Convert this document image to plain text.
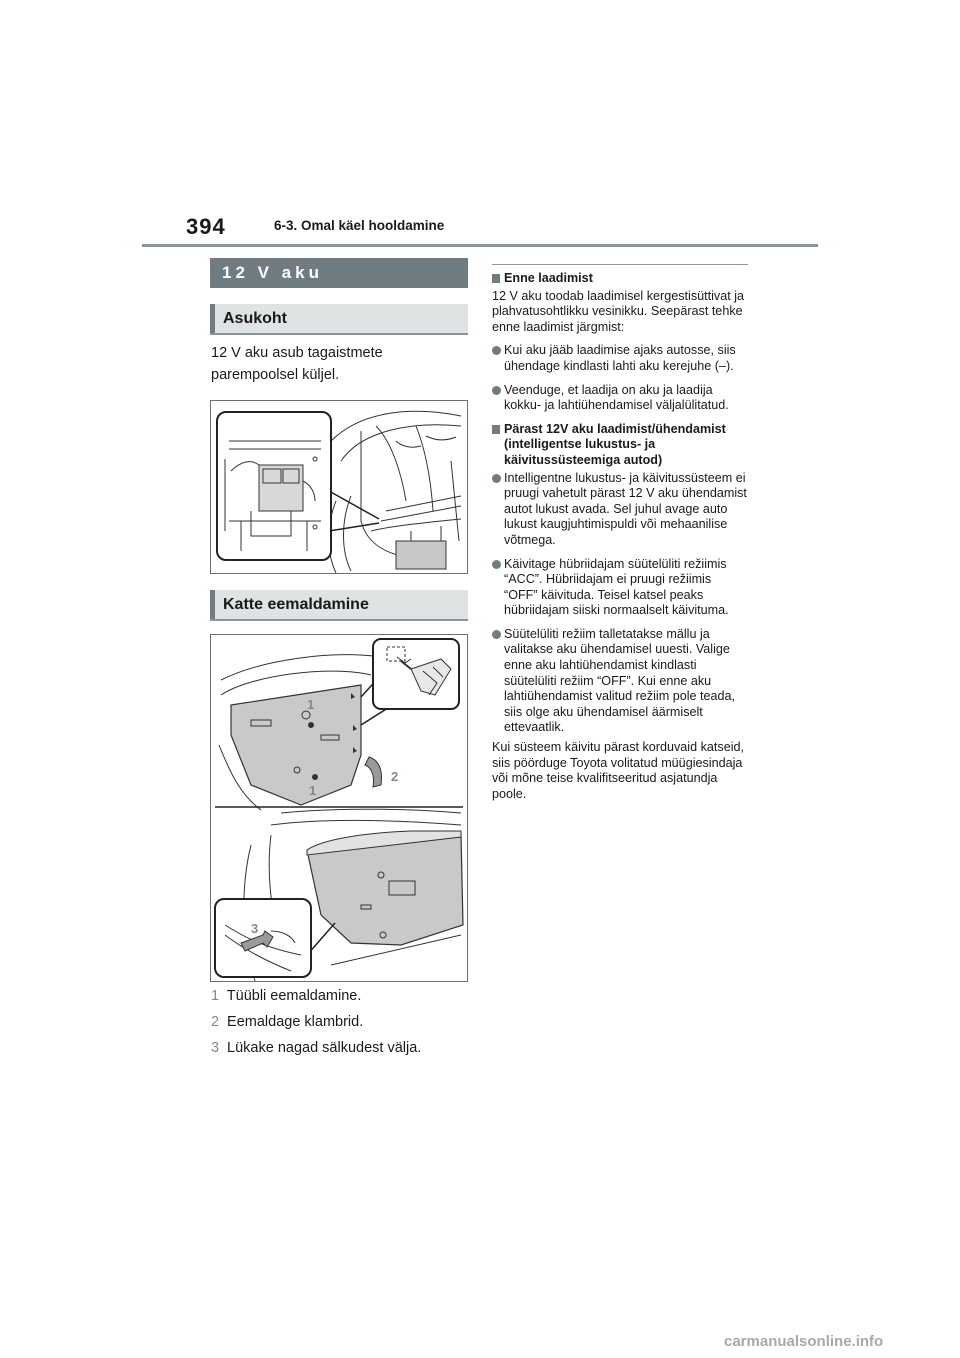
394	6-3. Omal käel hooldamine
12 V aku
Asukoht
12 V aku asub tagaistmete parempoolsel küljel.
Katte eemaldamine
1
1
2
3
1 Tüübli eemaldamine.
2 Eemaldage klambrid.
3 Lükake nagad sälkudest välja.
Enne laadimist
12 V aku toodab laadimisel kergestisüttivat ja plahvatusohtlikku vesinikku. Seepärast tehke enne laadimist järgmist:
Kui aku jääb laadimise ajaks autosse, siis ühendage kindlasti lahti aku kerejuhe (–).
Veenduge, et laadija on aku ja laadija kokku- ja lahtiühendamisel väljalülitatud.
Pärast 12V aku laadimist/ühendamist (intelligentse lukustus- ja käivitussüsteemiga autod)
Intelligentne lukustus- ja käivitussüsteem ei pruugi vahetult pärast 12 V aku ühendamist autot lukust avada. Sel juhul avage auto lukust kaugjuhtimispuldi või mehaanilise võtmega.
Käivitage hübriidajam süütelüliti režiimis “ACC”. Hübriidajam ei pruugi režiimis “OFF” käivituda. Teisel katsel peaks hübriidajam siiski normaalselt käivituma.
Süütelüliti režiim talletatakse mällu ja valitakse aku ühendamisel uuesti. Valige enne aku lahtiühendamist kindlasti süütelüliti režiim “OFF”. Kui enne aku lahtiühendamist valitud režiim pole teada, siis olge aku ühendamisel äärmiselt ettevaatlik.
Kui süsteem käivitu pärast korduvaid katseid, siis pöörduge Toyota volitatud müügiesindaja või mõne teise kvalifitseeritud asjatundja poole.
carmanualsonline.info
